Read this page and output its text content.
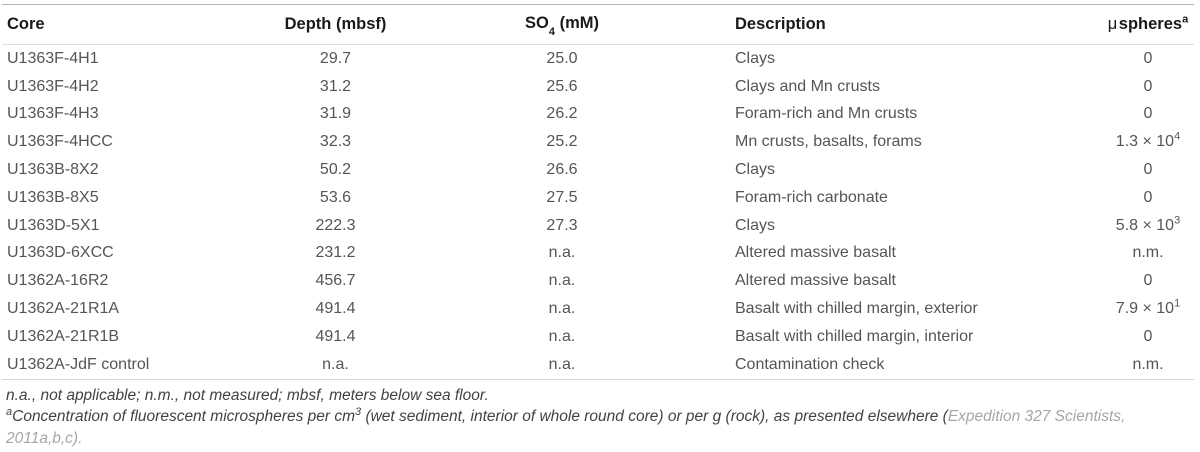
Core	Depth (mbsf)	$SO_4$ (mM)	Description	μspheres$^a$
U1363F-4H1	29.7	25.0	Clays	0
U1363F-4H2	31.2	25.6	Clays and Mn crusts	0
U1363F-4H3	31.9	26.2	Foram-rich and Mn crusts	0
U1363F-4HCC	32.3	25.2	Mn crusts, basalts, forams	$1.3 \times 10^4$
U1363B-8X2	50.2	26.6	Clays	0
U1363B-8X5	53.6	27.5	Foram-rich carbonate	0
U1363D-5X1	222.3	27.3	Clays	$5.8 \times 10^3$
U1363D-6XCC	231.2	n.a.	Altered massive basalt	n.m.
U1362A-16R2	456.7	n.a.	Altered massive basalt	0
U1362A-21R1A	491.4	n.a.	Basalt with chilled margin, exterior	$7.9 \times 10^1$
U1362A-21R1B	491.4	n.a.	Basalt with chilled margin, interior	0
U1362A-JdF control	n.a.	n.a.	Contamination check	n.m.
n.a., not applicable; n.m., not measured; mbsf, meters below sea floor.
$^a$Concentration of fluorescent microspheres per cm$^3$ (wet sediment, interior of whole round core) or per g (rock), as presented elsewhere (Expedition 327 Scientists,
2011a,b,c).
